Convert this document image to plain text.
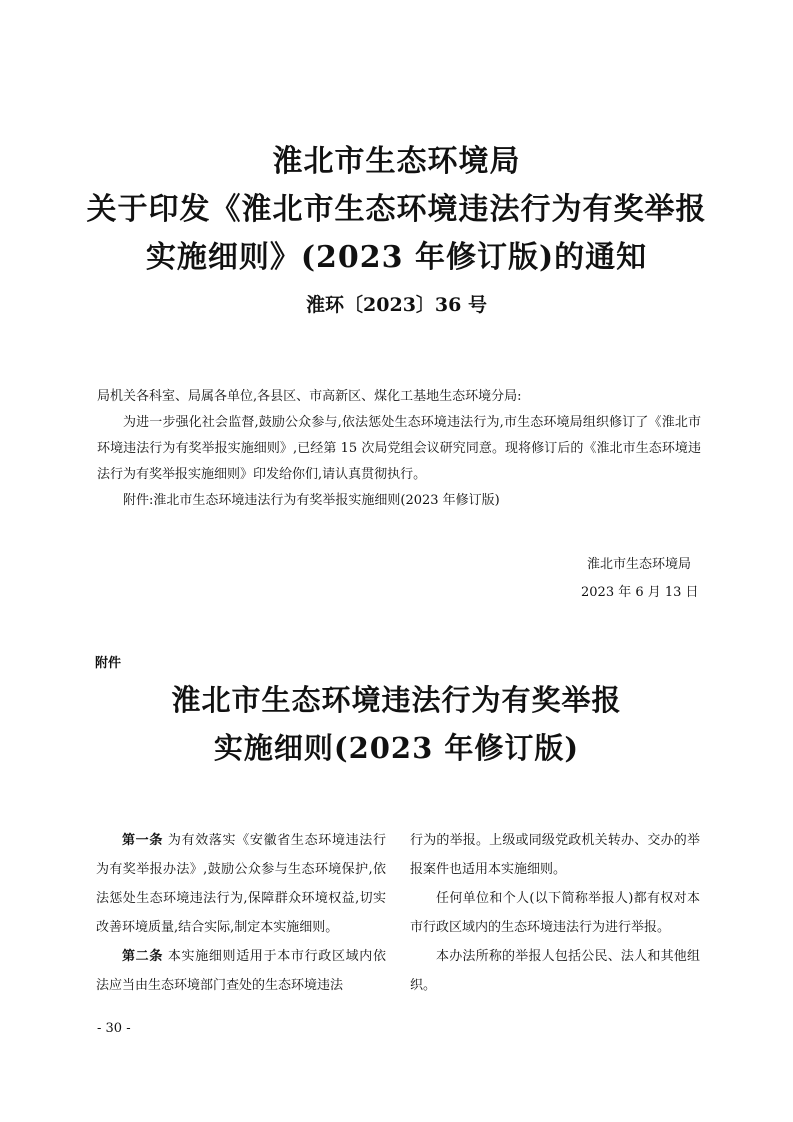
淮北市生态环境局
关于印发《淮北市生态环境违法行为有奖举报
实施细则》(2023 年修订版)的通知
淮环〔2023〕36 号

局机关各科室、局属各单位,各县区、市高新区、煤化工基地生态环境分局:

为进一步强化社会监督,鼓励公众参与,依法惩处生态环境违法行为,市生态环境局组织修订了《淮北市环境违法行为有奖举报实施细则》,已经第 15 次局党组会议研究同意。现将修订后的《淮北市生态环境违法行为有奖举报实施细则》印发给你们,请认真贯彻执行。

附件:淮北市生态环境违法行为有奖举报实施细则(2023 年修订版)

淮北市生态环境局
2023 年 6 月 13 日
附件
淮北市生态环境违法行为有奖举报
实施细则(2023 年修订版)

第一条 为有效落实《安徽省生态环境违法行为有奖举报办法》,鼓励公众参与生态环境保护,依法惩处生态环境违法行为,保障群众环境权益,切实改善环境质量,结合实际,制定本实施细则。

第二条 本实施细则适用于本市行政区域内依法应当由生态环境部门查处的生态环境违法

行为的举报。上级或同级党政机关转办、交办的举报案件也适用本实施细则。

任何单位和个人(以下简称举报人)都有权对本市行政区域内的生态环境违法行为进行举报。

本办法所称的举报人包括公民、法人和其他组织。

- 30 -
